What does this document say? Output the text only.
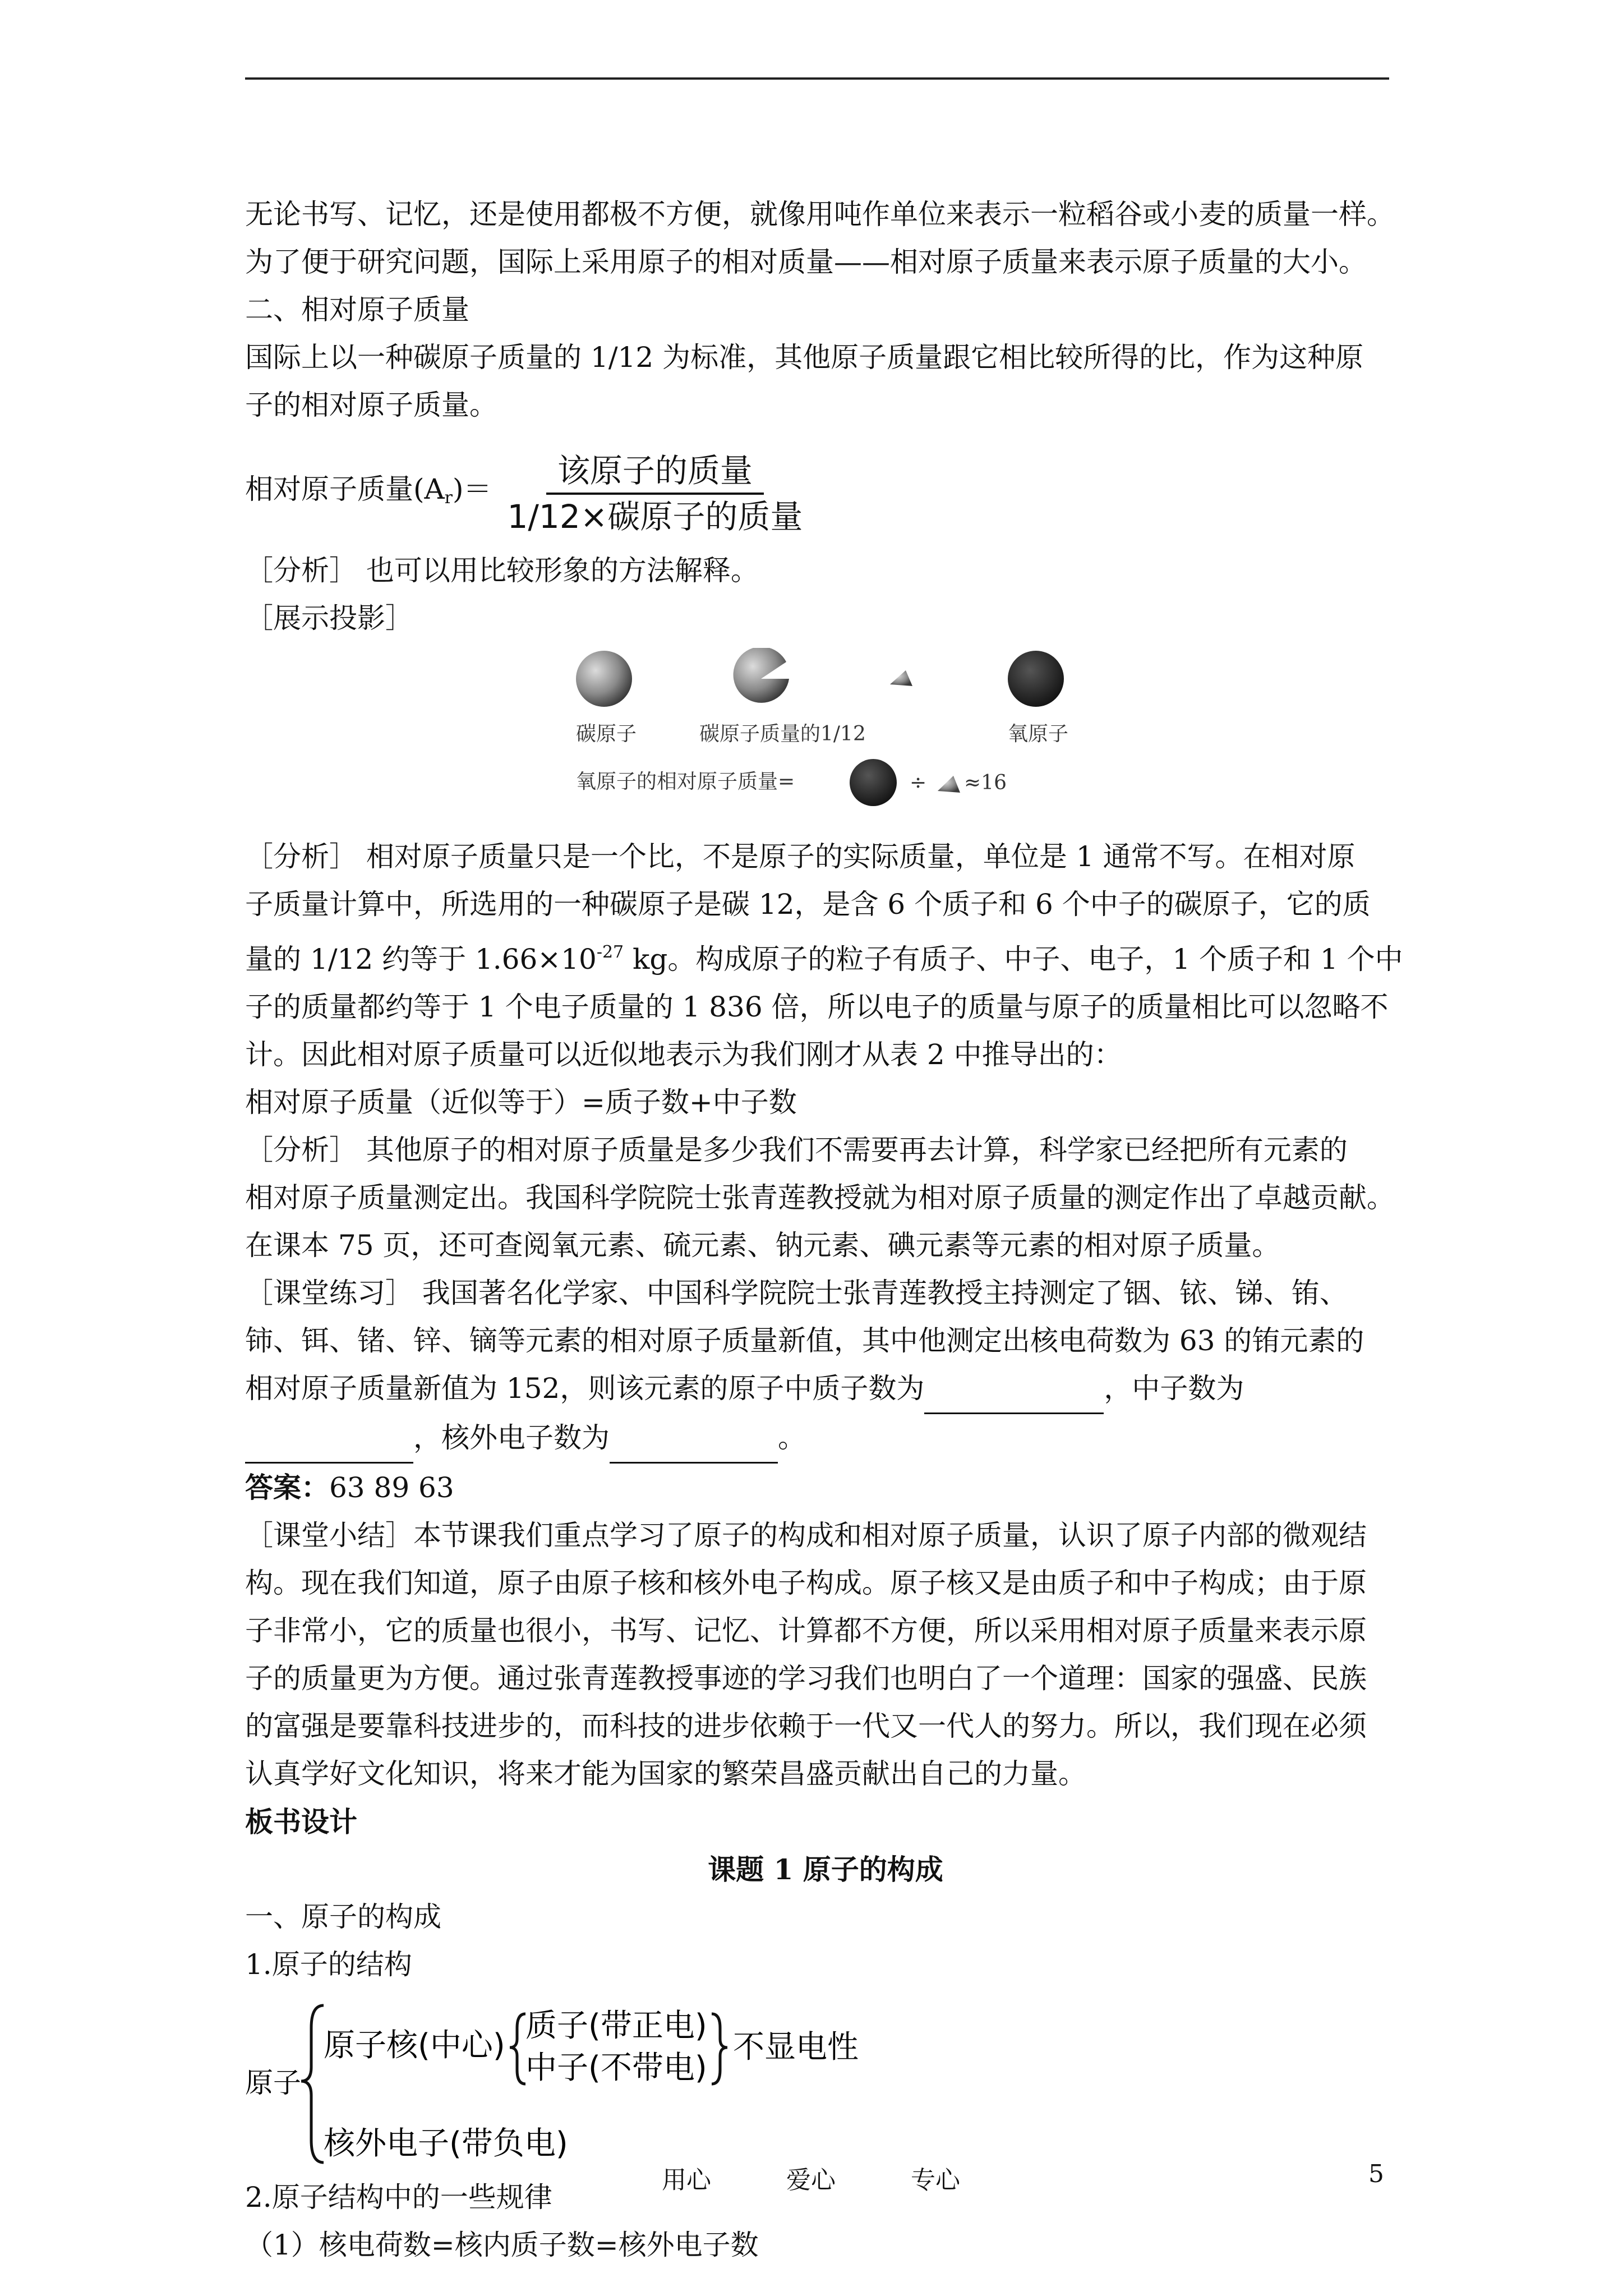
无论书写、记忆，还是使用都极不方便，就像用吨作单位来表示一粒稻谷或小麦的质量一样。

为了便于研究问题，国际上采用原子的相对质量——相对原子质量来表示原子质量的大小。

二、相对原子质量

国际上以一种碳原子质量的 1/12 为标准，其他原子质量跟它相比较所得的比，作为这种原

子的相对原子质量。

相对原子质量$(A_r)= \frac{\text{该原子的质量}}{\text{1/12×碳原子的质量}}$

［分析］ 也可以用比较形象的方法解释。

［展示投影］

碳原子	碳原子质量的1/12	氧原子
氧原子的相对原子质量=	÷ ≈16

［分析］ 相对原子质量只是一个比，不是原子的实际质量，单位是 1 通常不写。在相对原

子质量计算中，所选用的一种碳原子是碳 12，是含 6 个质子和 6 个中子的碳原子，它的质

量的 1/12 约等于 $1.66\times 10^{-27}$ kg。构成原子的粒子有质子、中子、电子，1 个质子和 1 个中

子的质量都约等于 1 个电子质量的 1 836 倍，所以电子的质量与原子的质量相比可以忽略不

计。因此相对原子质量可以近似地表示为我们刚才从表 2 中推导出的：

相对原子质量（近似等于）=质子数+中子数

［分析］ 其他原子的相对原子质量是多少我们不需要再去计算，科学家已经把所有元素的

相对原子质量测定出。我国科学院院士张青莲教授就为相对原子质量的测定作出了卓越贡献。

在课本 75 页，还可查阅氧元素、硫元素、钠元素、碘元素等元素的相对原子质量。

［课堂练习］ 我国著名化学家、中国科学院院士张青莲教授主持测定了铟、铱、锑、铕、

铈、铒、锗、锌、镝等元素的相对原子质量新值，其中他测定出核电荷数为 63 的铕元素的

相对原子质量新值为 152，则该元素的原子中质子数为	，中子数为

，核外电子数为	。

答案：63 89 63

［课堂小结］本节课我们重点学习了原子的构成和相对原子质量，认识了原子内部的微观结

构。现在我们知道，原子由原子核和核外电子构成。原子核又是由质子和中子构成；由于原

子非常小，它的质量也很小，书写、记忆、计算都不方便，所以采用相对原子质量来表示原

子的质量更为方便。通过张青莲教授事迹的学习我们也明白了一个道理：国家的强盛、民族

的富强是要靠科技进步的，而科技的进步依赖于一代又一代人的努力。所以，我们现在必须

认真学好文化知识，将来才能为国家的繁荣昌盛贡献出自己的力量。

板书设计

课题 1 原子的构成

一、原子的构成

1.原子的结构

原子
原子核(中心)
质子(带正电)
中子(不带电)
不显电性
核外电子(带负电)

2.原子结构中的一些规律

（1）核电荷数=核内质子数=核外电子数

用心	爱心	专心	5
